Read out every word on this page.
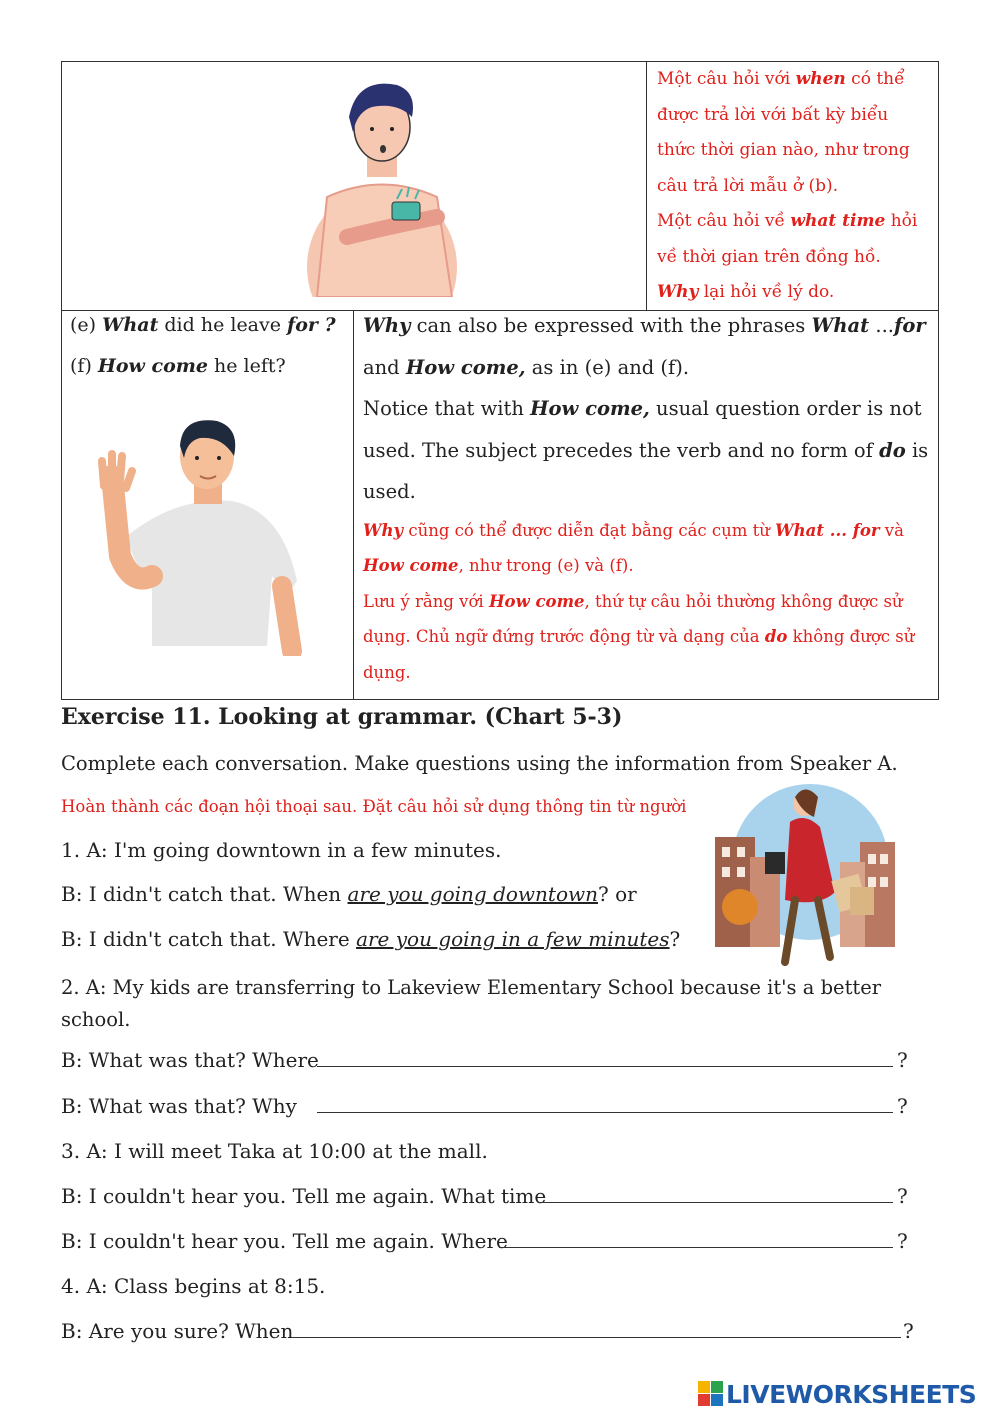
Một câu hỏi với when có thể được trả lời với bất kỳ biểu thức thời gian nào, như trong câu trả lời mẫu ở (b).
Một câu hỏi về what time hỏi về thời gian trên đồng hồ.
Why lại hỏi về lý do.
(e) What did he leave for ?
(f) How come he left?
Why can also be expressed with the phrases What ...for and How come, as in (e) and (f).
Notice that with How come, usual question order is not used. The subject precedes the verb and no form of do is used.
Why cũng có thể được diễn đạt bằng các cụm từ What ... for và How come, như trong (e) và (f).
Lưu ý rằng với How come, thứ tự câu hỏi thường không được sử dụng. Chủ ngữ đứng trước động từ và dạng của do không được sử dụng.
Exercise 11. Looking at grammar. (Chart 5-3)
Complete each conversation. Make questions using the information from Speaker A.
Hoàn thành các đoạn hội thoại sau. Đặt câu hỏi sử dụng thông tin từ người
1. A: I'm going downtown in a few minutes.
B: I didn't catch that. When are you going downtown? or
B: I didn't catch that. Where are you going in a few minutes?
2. A: My kids are transferring to Lakeview Elementary School because it's a better school.
B: What was that? Where	?
B: What was that? Why	?
3. A: I will meet Taka at 10:00 at the mall.
B: I couldn't hear you. Tell me again. What time	?
B: I couldn't hear you. Tell me again. Where	?
4. A: Class begins at 8:15.
B: Are you sure? When	?
LIVEWORKSHEETS
